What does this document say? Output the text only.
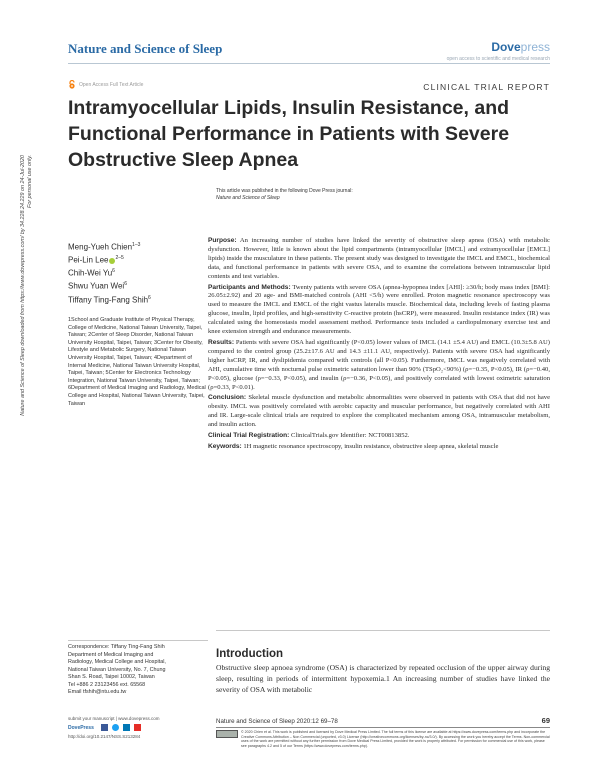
Nature and Science of Sleep	Dovepress
open access to scientific and medical research
Open Access Full Text Article	CLINICAL TRIAL REPORT
Intramyocellular Lipids, Insulin Resistance, and Functional Performance in Patients with Severe Obstructive Sleep Apnea
Nature and Science of Sleep downloaded from https://www.dovepress.com/ by 34.228.24.229 on 24-Jul-2020
For personal use only.	This article was published in the following Dove Press journal:
Nature and Science of Sleep
Meng-Yueh Chien$^{1-3}$
Pei-Lin Lee $^{2-5}$
Chih-Wei Yu$^6$
Shwu Yuan Wei$^6$
Tiffany Ting-Fang Shih$^6$
1School and Graduate Institute of Physical Therapy, College of Medicine, National Taiwan University, Taipei, Taiwan; 2Center of Sleep Disorder, National Taiwan University Hospital, Taipei, Taiwan; 3Center for Obesity, Lifestyle and Metabolic Surgery, National Taiwan University Hospital, Taipei, Taiwan; 4Department of Internal Medicine, National Taiwan University Hospital, Taipei, Taiwan; 5Center for Electronics Technology Integration, National Taiwan University, Taipei, Taiwan; 6Department of Medical Imaging and Radiology, Medical College and Hospital, National Taiwan University, Taipei, Taiwan

Purpose: An increasing number of studies have linked the severity of obstructive sleep apnea (OSA) with metabolic dysfunction. However, little is known about the lipid compartments (intramyocellular [IMCL] and extramyocellular [EMCL] lipids) inside the musculature in these patients. The present study was designed to investigate the IMCL and EMCL, biochemical data, and functional performance in patients with severe OSA, and to examine the correlations between intramuscular lipid contents and test variables.

Participants and Methods: Twenty patients with severe OSA (apnea-hypopnea index [AHI]: ≥30/h; body mass index [BMI]: 26.05±2.92) and 20 age- and BMI-matched controls (AHI <5/h) were enrolled. Proton magnetic resonance spectroscopy was used to measure the IMCL and EMCL of the right vastus lateralis muscle. Biochemical data, including levels of fasting plasma glucose, insulin, lipid profiles, and high-sensitivity C-reactive protein (hsCRP), were measured. Insulin resistance index (IR) was calculated using the homeostasis model assessment method. Performance tests included a cardiopulmonary exercise test and knee extension strength and endurance measurements.

Results: Patients with severe OSA had significantly (P<0.05) lower values of IMCL (14.1 ±5.4 AU) and EMCL (10.3±5.8 AU) compared to the control group (25.2±17.6 AU and 14.3 ±11.1 AU, respectively). Patients with severe OSA had significantly higher hsCRP, IR, and dyslipidemia compared with controls (all P<0.05). Furthermore, IMCL was negatively correlated with AHI, cumulative time with nocturnal pulse oximetric saturation lower than 90% (TSpO₂<90%) (ρ=−0.35, P<0.05), IR (ρ=−0.40, P<0.05), glucose (ρ=−0.33, P<0.05), and insulin (ρ=−0.36, P<0.05), and positively correlated with lowest oximetric saturation (ρ=0.33, P<0.01).

Conclusion: Skeletal muscle dysfunction and metabolic abnormalities were observed in patients with OSA that did not have obesity. IMCL was positively correlated with aerobic capacity and muscular performance, but negatively correlated with AHI and IR. Large-scale clinical trials are required to explore the complicated mechanism among OSA, intramuscular metabolism, and insulin action.

Clinical Trial Registration: ClinicalTrials.gov Identifier: NCT00813852.

Keywords: 1H magnetic resonance spectroscopy, insulin resistance, obstructive sleep apnea, skeletal muscle

Correspondence: Tiffany Ting-Fang Shih
Department of Medical Imaging and
Radiology, Medical College and Hospital,
National Taiwan University, No. 7, Chung
Shan S. Road, Taipei 10002, Taiwan
Tel +886 2 23123456 ext. 65568
Email tfshih@ntu.edu.tw
Introduction

Obstructive sleep apnoea syndrome (OSA) is characterized by repeated occlusion of the upper airway during sleep, resulting in periods of intermittent hypoxemia.1 An increasing number of studies have linked the severity of OSA with metabolic

submit your manuscript | www.dovepress.com
DovePress
http://doi.org/10.2147/NSS.S213284
Nature and Science of Sleep 2020:12 69–78	69
© 2020 Chien et al. This work is published and licensed by Dove Medical Press Limited. The full terms of this license are available at https://www.dovepress.com/terms.php and incorporate the Creative Commons Attribution – Non Commercial (unported, v3.0) License (http://creativecommons.org/licenses/by-nc/3.0/). By accessing the work you hereby accept the Terms. Non-commercial uses of the work are permitted without any further permission from Dove Medical Press Limited, provided the work is properly attributed. For permission for commercial use of this work, please see paragraphs 4.2 and 5 of our Terms (https://www.dovepress.com/terms.php).
